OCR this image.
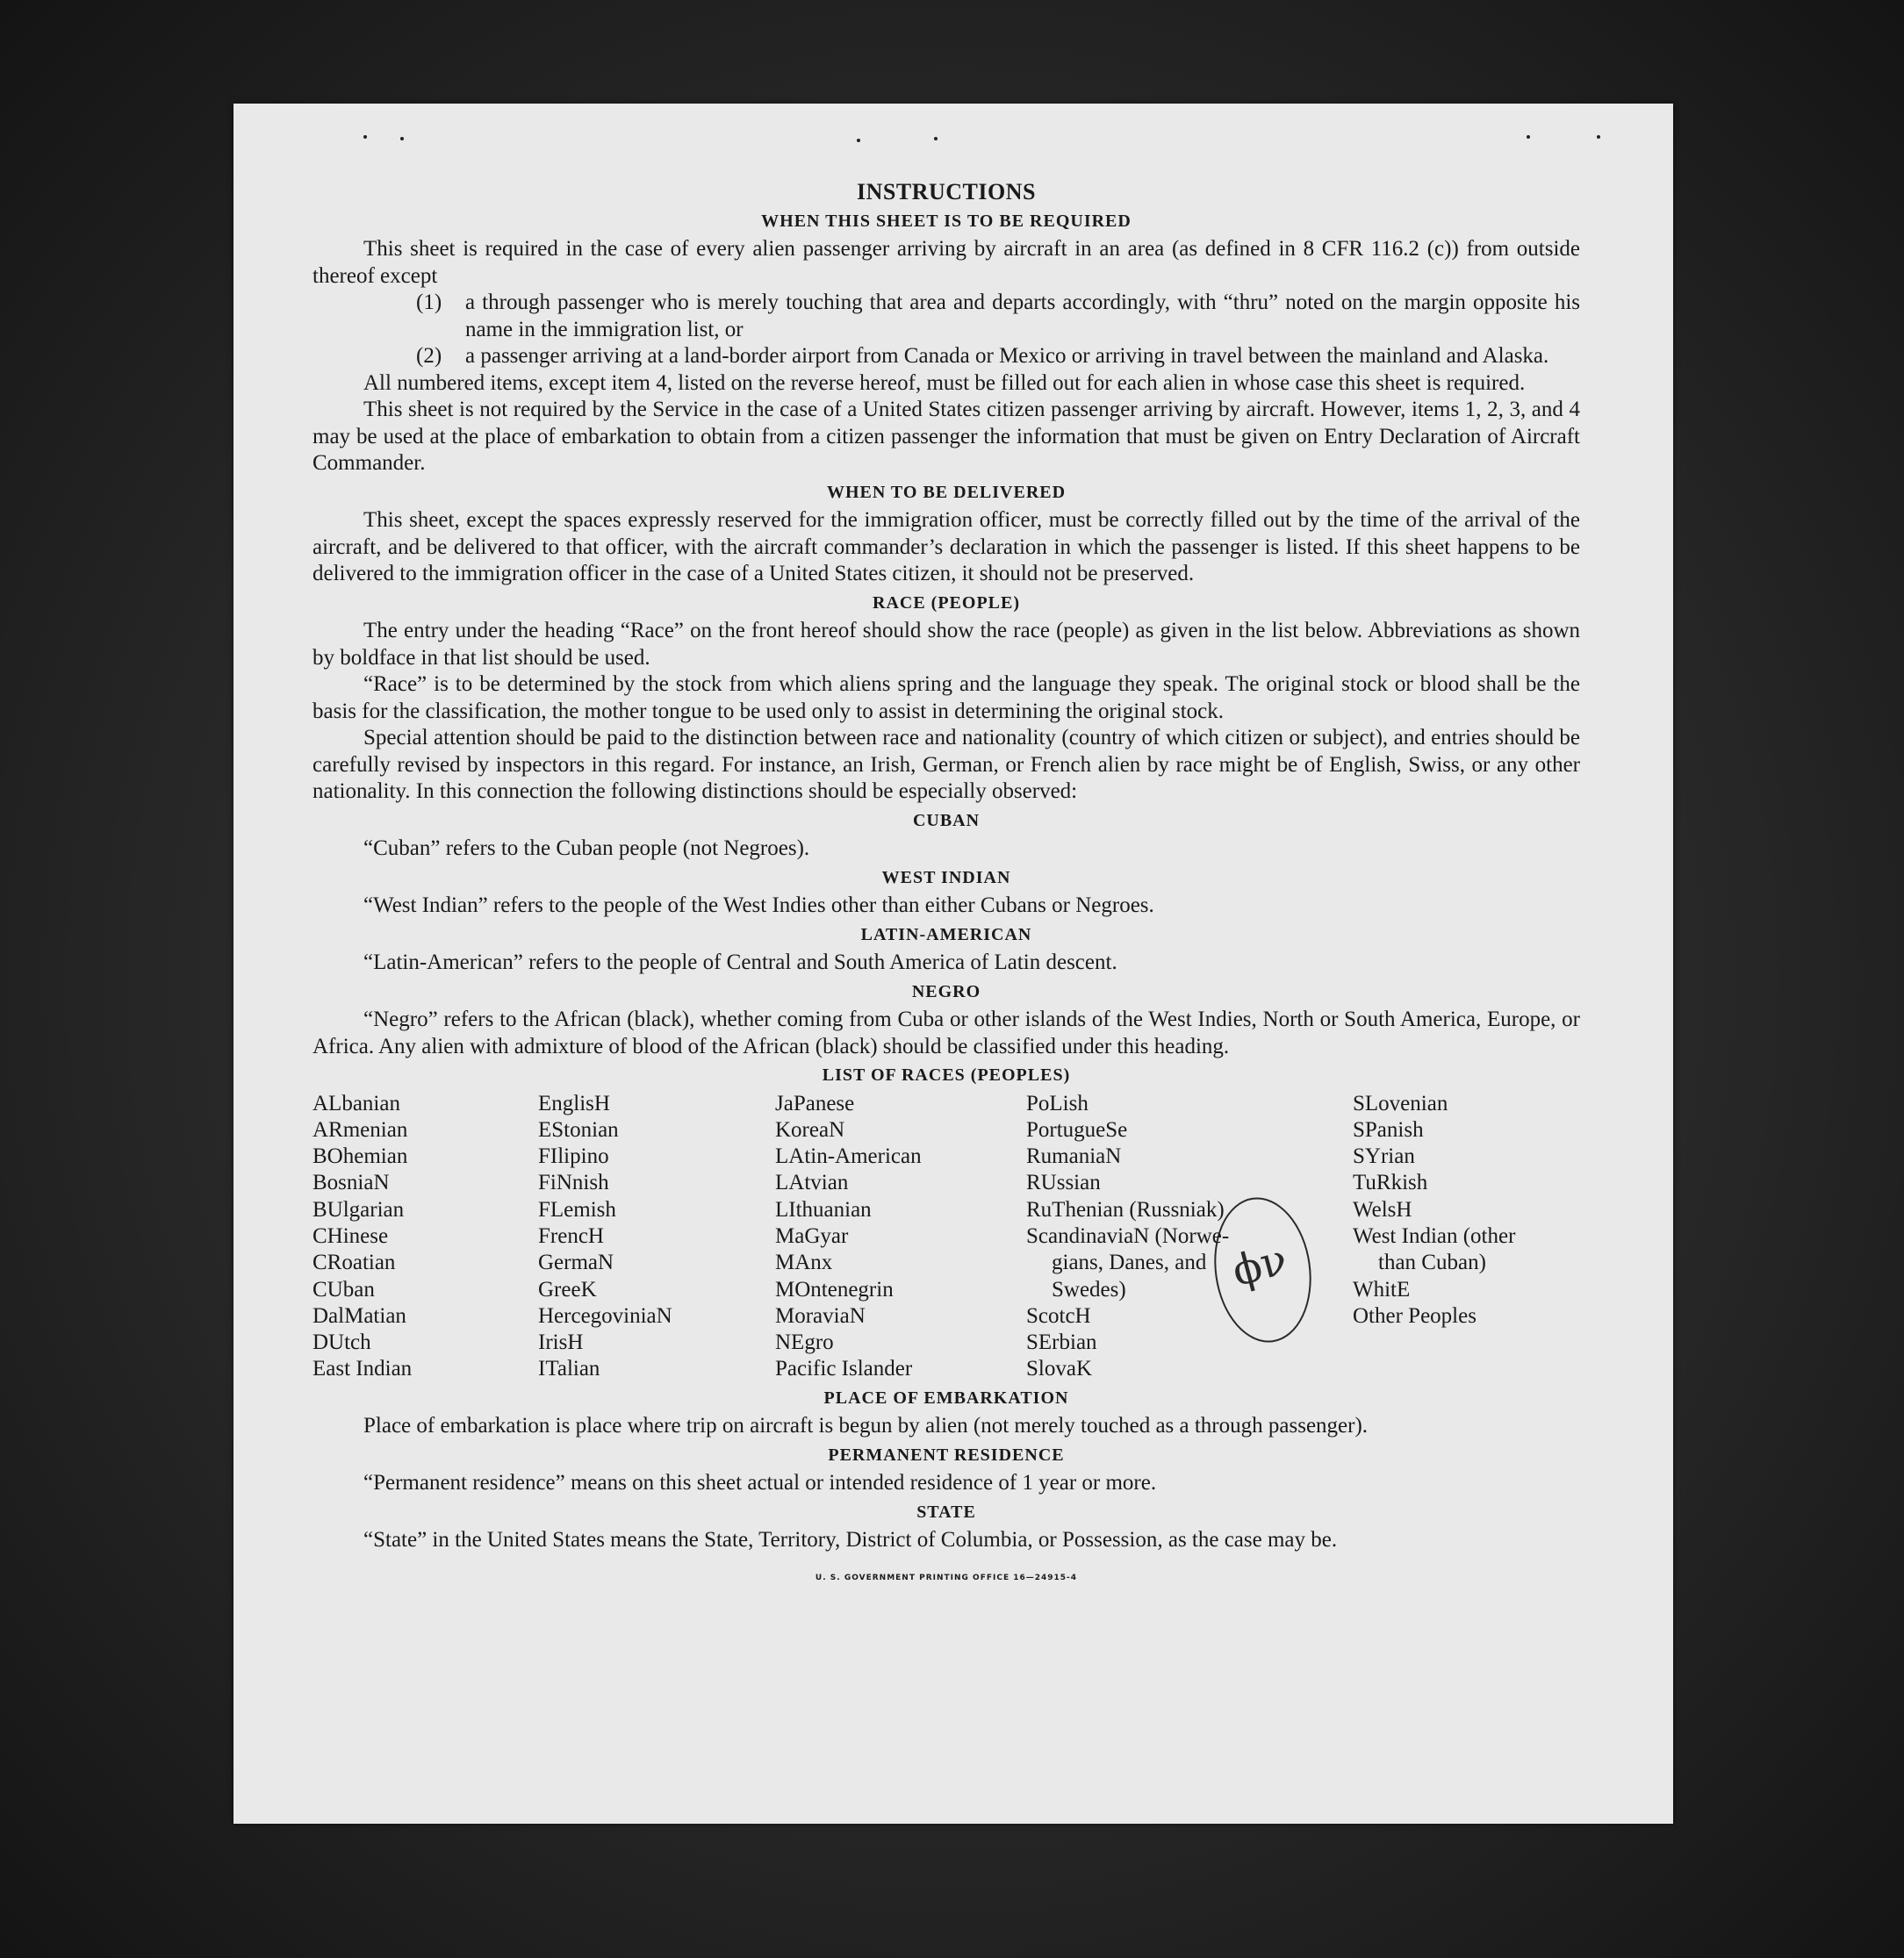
ϕν
INSTRUCTIONS
WHEN THIS SHEET IS TO BE REQUIRED

This sheet is required in the case of every alien passenger arriving by aircraft in an area (as defined in 8 CFR 116.2 (c)) from outside thereof except

(1)	a through passenger who is merely touching that area and departs accordingly, with “thru” noted on the margin opposite his name in the immigration list, or
(2)	a passenger arriving at a land-border airport from Canada or Mexico or arriving in travel between the mainland and Alaska.

All numbered items, except item 4, listed on the reverse hereof, must be filled out for each alien in whose case this sheet is required.

This sheet is not required by the Service in the case of a United States citizen passenger arriving by aircraft. However, items 1, 2, 3, and 4 may be used at the place of embarkation to obtain from a citizen passenger the information that must be given on Entry Declaration of Aircraft Commander.

WHEN TO BE DELIVERED

This sheet, except the spaces expressly reserved for the immigration officer, must be correctly filled out by the time of the arrival of the aircraft, and be delivered to that officer, with the aircraft commander’s declaration in which the passenger is listed. If this sheet happens to be delivered to the immigration officer in the case of a United States citizen, it should not be preserved.

RACE (PEOPLE)

The entry under the heading “Race” on the front hereof should show the race (people) as given in the list below. Abbreviations as shown by boldface in that list should be used.

“Race” is to be determined by the stock from which aliens spring and the language they speak. The original stock or blood shall be the basis for the classification, the mother tongue to be used only to assist in determining the original stock.

Special attention should be paid to the distinction between race and nationality (country of which citizen or subject), and entries should be carefully revised by inspectors in this regard. For instance, an Irish, German, or French alien by race might be of English, Swiss, or any other nationality. In this connection the following distinctions should be especially observed:

CUBAN

“Cuban” refers to the Cuban people (not Negroes).

WEST INDIAN

“West Indian” refers to the people of the West Indies other than either Cubans or Negroes.

LATIN-AMERICAN

“Latin-American” refers to the people of Central and South America of Latin descent.

NEGRO

“Negro” refers to the African (black), whether coming from Cuba or other islands of the West Indies, North or South America, Europe, or Africa. Any alien with admixture of blood of the African (black) should be classified under this heading.

LIST OF RACES (PEOPLES)
ALbanian
ARmenian
BOhemian
BosniaN
BUlgarian
CHinese
CRoatian
CUban
DalMatian
DUtch
East Indian
EnglisH
EStonian
FIlipino
FiNnish
FLemish
FrencH
GermaN
GreeK
HercegoviniaN
IrisH
ITalian
JaPanese
KoreaN
LAtin-American
LAtvian
LIthuanian
MaGyar
MAnx
MOntenegrin
MoraviaN
NEgro
Pacific Islander
PoLish
PortugueSe
RumaniaN
RUssian
RuThenian (Russniak)
ScandinaviaN (Norwe-
gians, Danes, and
Swedes)
ScotcH
SErbian
SlovaK
SLovenian
SPanish
SYrian
TuRkish
WelsH
West Indian (other
than Cuban)
WhitE
Other Peoples
PLACE OF EMBARKATION

Place of embarkation is place where trip on aircraft is begun by alien (not merely touched as a through passenger).

PERMANENT RESIDENCE

“Permanent residence” means on this sheet actual or intended residence of 1 year or more.

STATE

“State” in the United States means the State, Territory, District of Columbia, or Possession, as the case may be.

U. S. GOVERNMENT PRINTING OFFICE 16—24915-4
